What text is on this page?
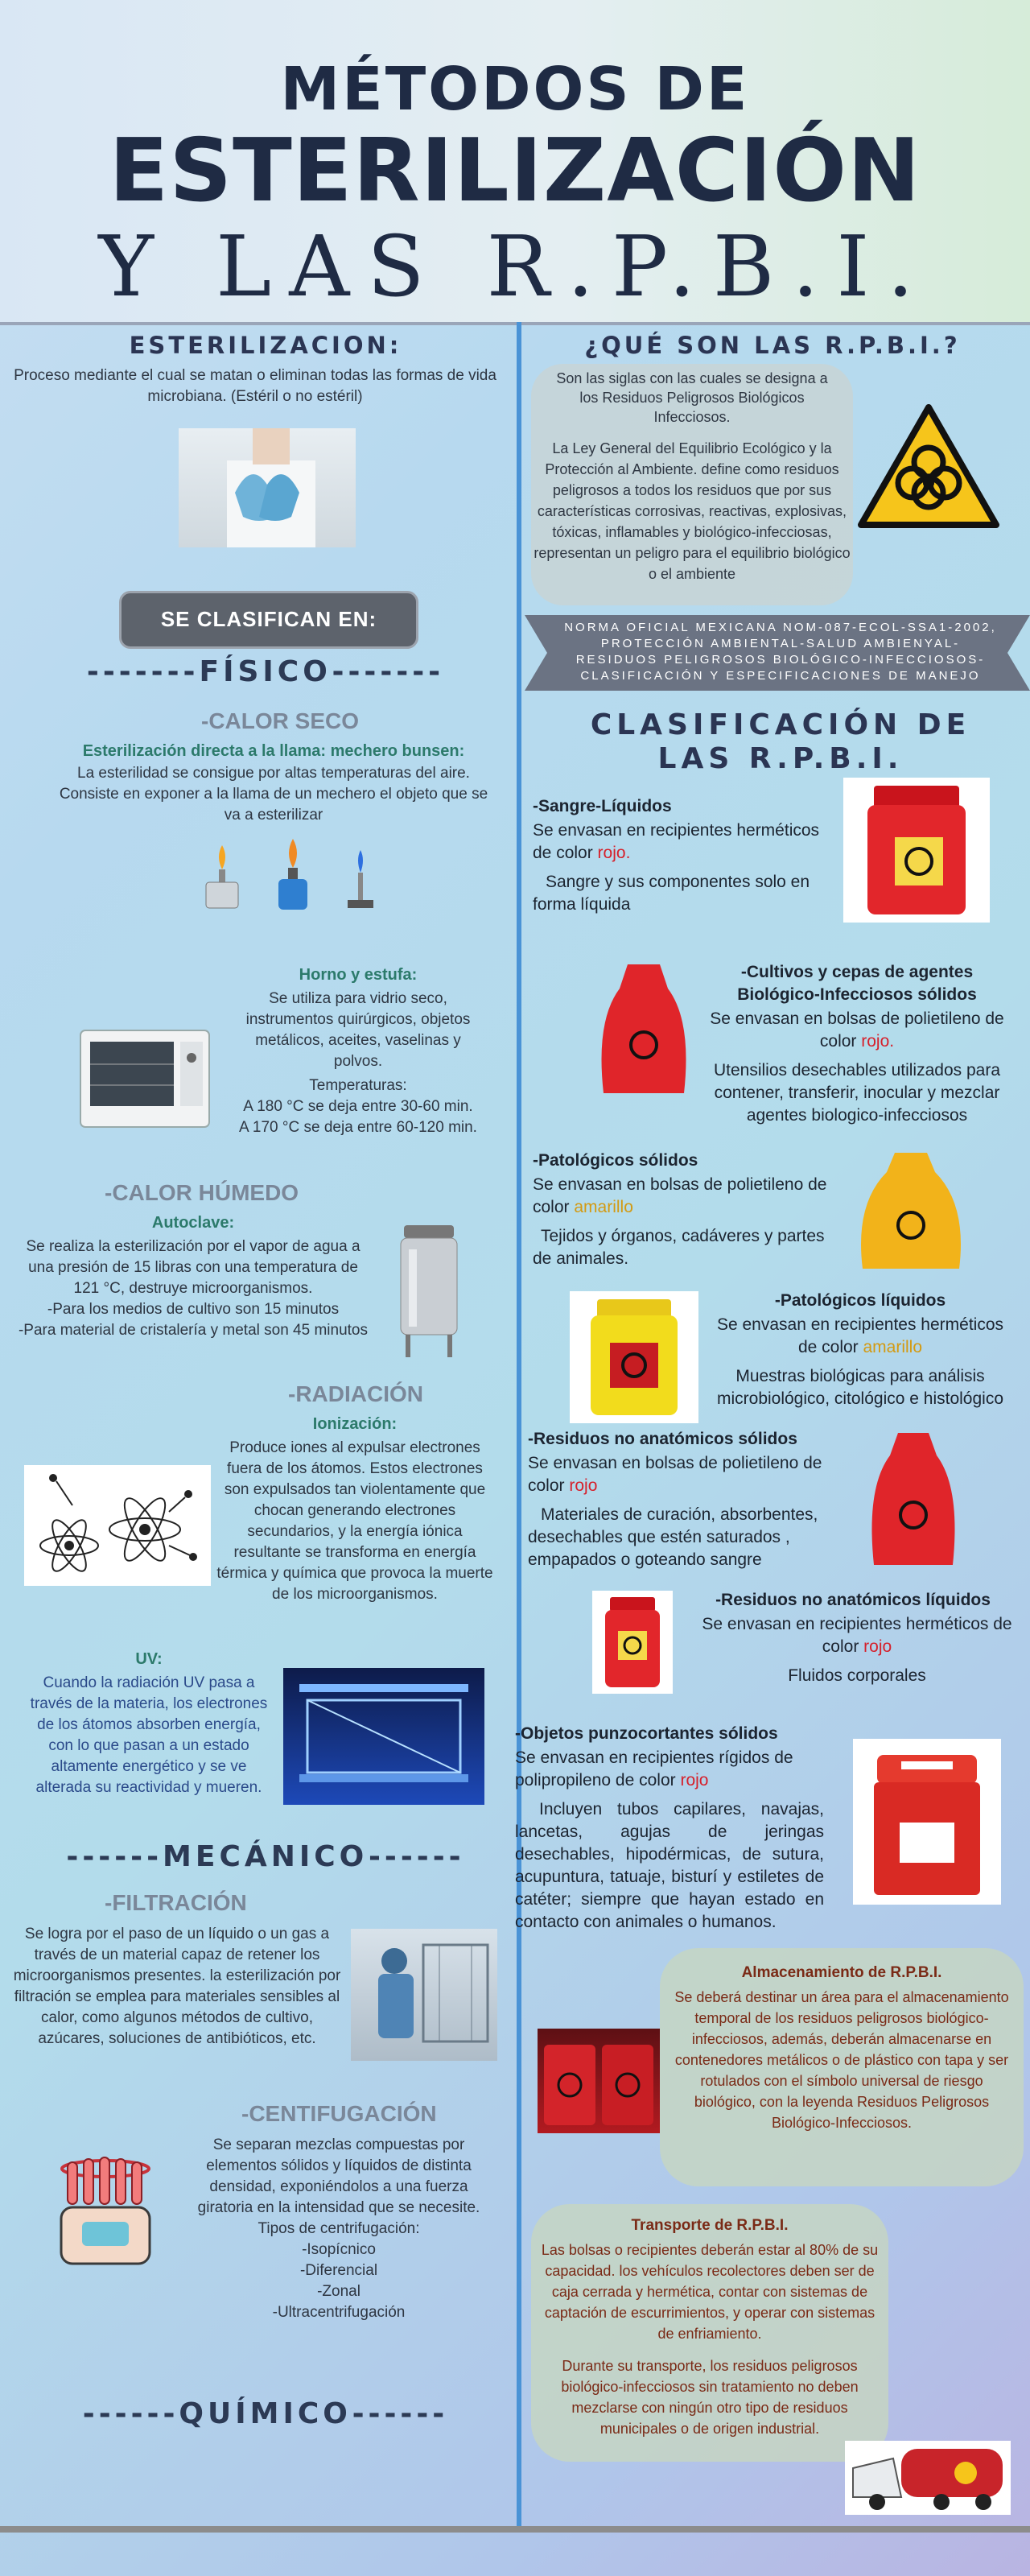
MÉTODOS DE
ESTERILIZACIÓN
Y LAS R.P.B.I.
ESTERILIZACION:
Proceso mediante el cual se matan o eliminan todas las formas de vida microbiana. (Estéril o no estéril)
SE CLASIFICAN EN:
-------FÍSICO-------
-CALOR SECO
Esterilización directa a la llama: mechero bunsen:
La esterilidad se consigue por altas temperaturas del aire. Consiste en exponer a la llama de un mechero el objeto que se va a esterilizar
Horno y estufa:
Se utiliza para vidrio seco, instrumentos quirúrgicos, objetos metálicos, aceites, vaselinas y polvos.
Temperaturas:
A 180 °C se deja entre 30-60 min.
A 170 °C se deja entre 60-120 min.
-CALOR HÚMEDO
Autoclave:
Se realiza la esterilización por el vapor de agua a una presión de 15 libras con una temperatura de 121 °C, destruye microorganismos.
-Para los medios de cultivo son 15 minutos
-Para material de cristalería y metal son 45 minutos
-RADIACIÓN
Ionización:
Produce iones al expulsar electrones fuera de los átomos. Estos electrones son expulsados tan violentamente que chocan generando electrones secundarios, y la energía iónica resultante se transforma en energía térmica y química que provoca la muerte de los microorganismos.
UV:
Cuando la radiación UV pasa a través de la materia, los electrones de los átomos absorben energía, con lo que pasan a un estado altamente energético y se ve alterada su reactividad y mueren.
------MECÁNICO------
-FILTRACIÓN
Se logra por el paso de un líquido o un gas a través de un material capaz de retener los microorganismos presentes. la esterilización por filtración se emplea para materiales sensibles al calor, como algunos métodos de cultivo, azúcares, soluciones de antibióticos, etc.
-CENTIFUGACIÓN
Se separan mezclas compuestas por elementos sólidos y líquidos de distinta densidad, exponiéndolos a una fuerza giratoria en la intensidad que se necesite.
Tipos de centrifugación:
-Isopícnico
-Diferencial
-Zonal
-Ultracentrifugación
------QUÍMICO------
¿QUÉ SON LAS R.P.B.I.?
Son las siglas con las cuales se designa a los Residuos Peligrosos Biológicos Infecciosos.
La Ley General del Equilibrio Ecológico y la Protección al Ambiente. define como residuos peligrosos a todos los residuos que por sus características corrosivas, reactivas, explosivas, tóxicas, inflamables y biológico-infecciosas, representan un peligro para el equilibrio biológico o el ambiente
NORMA OFICIAL MEXICANA NOM-087-ECOL-SSA1-2002, PROTECCIÓN AMBIENTAL-SALUD AMBIENYAL-RESIDUOS PELIGROSOS BIOLÓGICO-INFECCIOSOS-CLASIFICACIÓN Y ESPECIFICACIONES DE MANEJO
CLASIFICACIÓN DE LAS R.P.B.I.
-Sangre-Líquidos
Se envasan en recipientes herméticos de color rojo.
Sangre y sus componentes solo en forma líquida
-Cultivos y cepas de agentes Biológico-Infecciosos sólidos
Se envasan en bolsas de polietileno de color rojo.
Utensilios desechables utilizados para contener, transferir, inocular y mezclar agentes biologico-infecciosos
-Patológicos sólidos
Se envasan en bolsas de polietileno de color amarillo
Tejidos y órganos, cadáveres y partes de animales.
-Patológicos líquidos
Se envasan en recipientes herméticos de color amarillo
Muestras biológicas para análisis microbiológico, citológico e histológico
-Residuos no anatómicos sólidos
Se envasan en bolsas de polietileno de color rojo
Materiales de curación, absorbentes, desechables que estén saturados , empapados o goteando sangre
-Residuos no anatómicos líquidos
Se envasan en recipientes herméticos de color rojo
Fluidos corporales
-Objetos punzocortantes sólidos
Se envasan en recipientes rígidos de polipropileno de color rojo
Incluyen tubos capilares, navajas, lancetas, agujas de jeringas desechables, hipodérmicas, de sutura, acupuntura, tatuaje, bisturí y estiletes de catéter; siempre que hayan estado en contacto con animales o humanos.
Almacenamiento de R.P.B.I.
Se deberá destinar un área para el almacenamiento temporal de los residuos peligrosos biológico-infecciosos, además, deberán almacenarse en contenedores metálicos o de plástico con tapa y ser rotulados con el símbolo universal de riesgo biológico, con la leyenda Residuos Peligrosos Biológico-Infecciosos.
Transporte de R.P.B.I.
Las bolsas o recipientes deberán estar al 80% de su capacidad. los vehículos recolectores deben ser de caja cerrada y hermética, contar con sistemas de captación de escurrimientos, y operar con sistemas de enfriamiento.
Durante su transporte, los residuos peligrosos biológico-infecciosos sin tratamiento no deben mezclarse con ningún otro tipo de residuos municipales o de origen industrial.
